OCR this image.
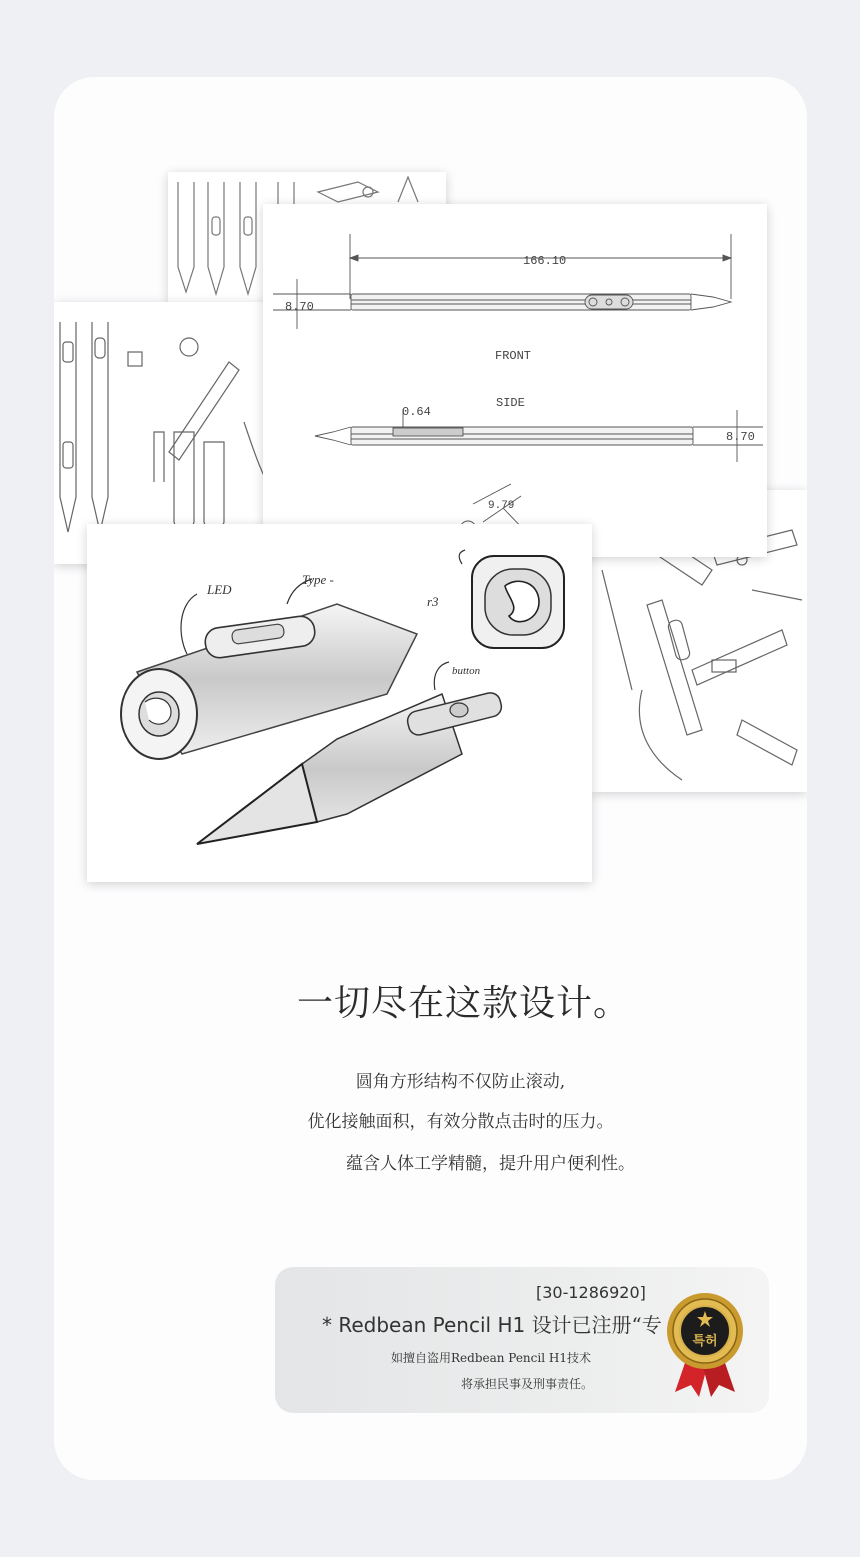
166.10
8.70
FRONT
SIDE
0.64
8.70
9.79
LED
Type -
r3
button
一切尽在这款设计。
圆角方形结构不仅防止滚动,
优化接触面积，有效分散点击时的压力。
蕴含人体工学精髓，提升用户便利性。
[30-1286920]
* Redbean Pencil H1 设计已注册“专
如擅自盗用Redbean Pencil H1技术
将承担民事及刑事责任。
특허
